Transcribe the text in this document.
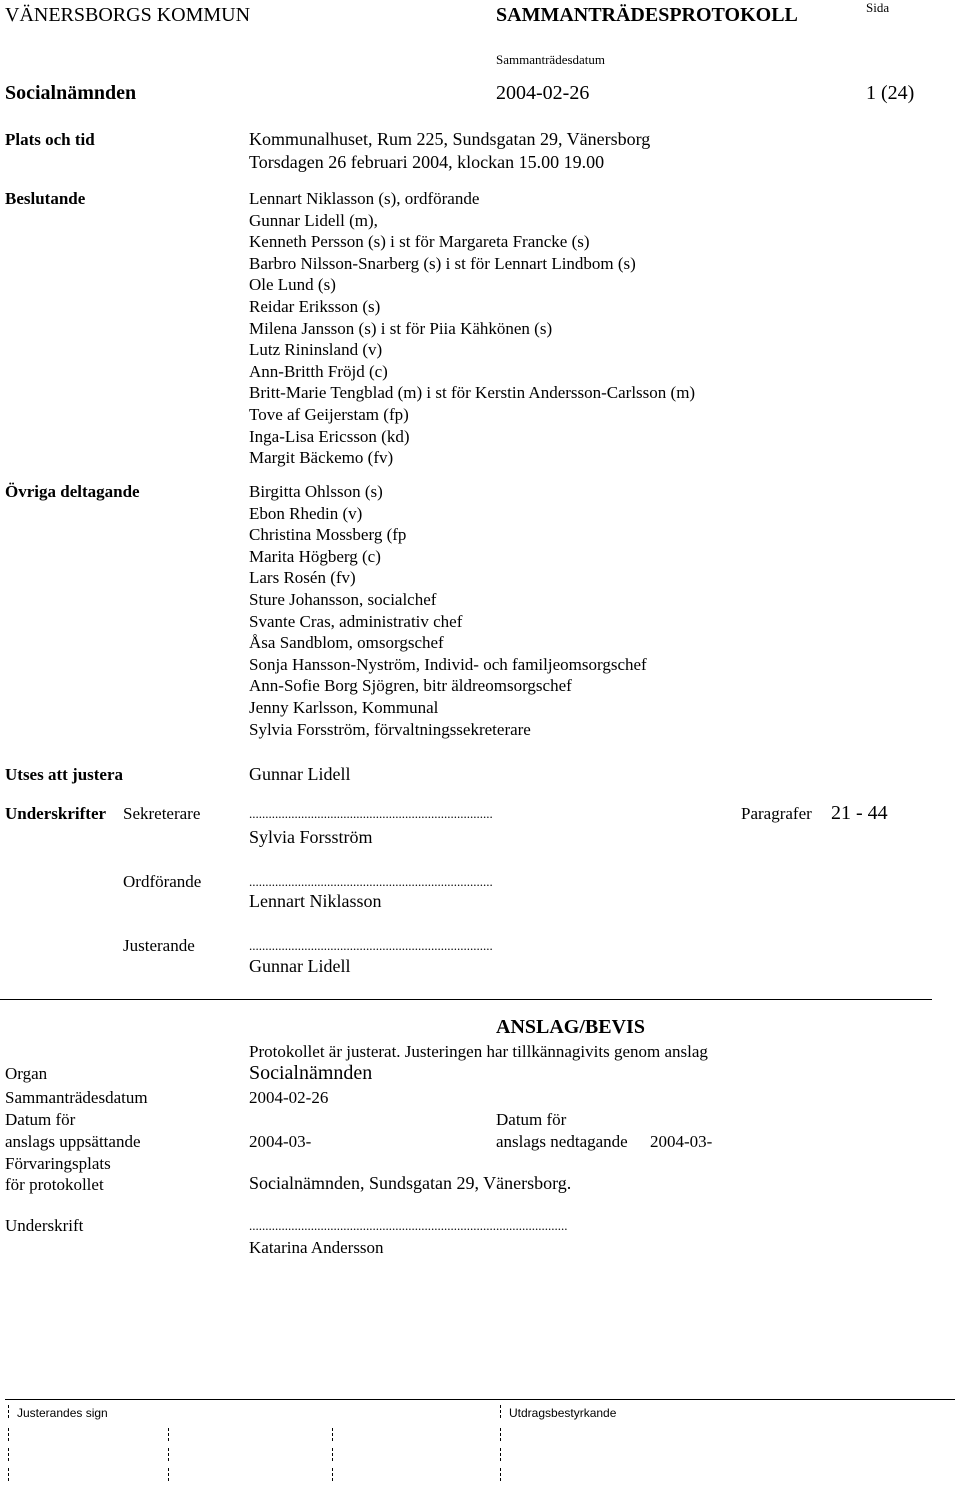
VÄNERSBORGS KOMMUN	SAMMANTRÄDESPROTOKOLL	Sida
Sammanträdesdatum
Socialnämnden	2004-02-26	1 (24)
Plats och tid	Kommunalhuset, Rum 225, Sundsgatan 29, Vänersborg
Torsdagen 26 februari 2004, klockan 15.00 19.00
Beslutande	Lennart Niklasson (s), ordförande
Gunnar Lidell (m),
Kenneth Persson (s) i st för Margareta Francke (s)
Barbro Nilsson-Snarberg (s) i st för Lennart Lindbom (s)
Ole Lund (s)
Reidar Eriksson (s)
Milena Jansson (s) i st för Piia Kähkönen (s)
Lutz Rininsland (v)
Ann-Britth Fröjd (c)
Britt-Marie Tengblad (m) i st för Kerstin Andersson-Carlsson (m)
Tove af Geijerstam (fp)
Inga-Lisa Ericsson (kd)
Margit Bäckemo (fv)
Övriga deltagande	Birgitta Ohlsson (s)
Ebon Rhedin (v)
Christina Mossberg (fp
Marita Högberg (c)
Lars Rosén (fv)
Sture Johansson, socialchef
Svante Cras, administrativ chef
Åsa Sandblom, omsorgschef
Sonja Hansson-Nyström, Individ- och familjeomsorgschef
Ann-Sofie Borg Sjögren, bitr äldreomsorgschef
Jenny Karlsson, Kommunal
Sylvia Forsström, förvaltningssekreterare
Utses att justera	Gunnar Lidell
Underskrifter Sekreterare	...........................................................................	Paragrafer 21 - 44
Sylvia Forsström
Ordförande	...........................................................................
Lennart Niklasson
Justerande	...........................................................................
Gunnar Lidell
ANSLAG/BEVIS
Protokollet är justerat. Justeringen har tillkännagivits genom anslag
Organ	Socialnämnden
Sammanträdesdatum	2004-02-26
Datum för
anslags uppsättande	2004-03-
Datum för
anslags nedtagande 2004-03-
Förvaringsplats
för protokollet	Socialnämnden, Sundsgatan 29, Vänersborg.
Underskrift	..................................................................................................
Katarina Andersson
Justerandes sign	Utdragsbestyrkande
